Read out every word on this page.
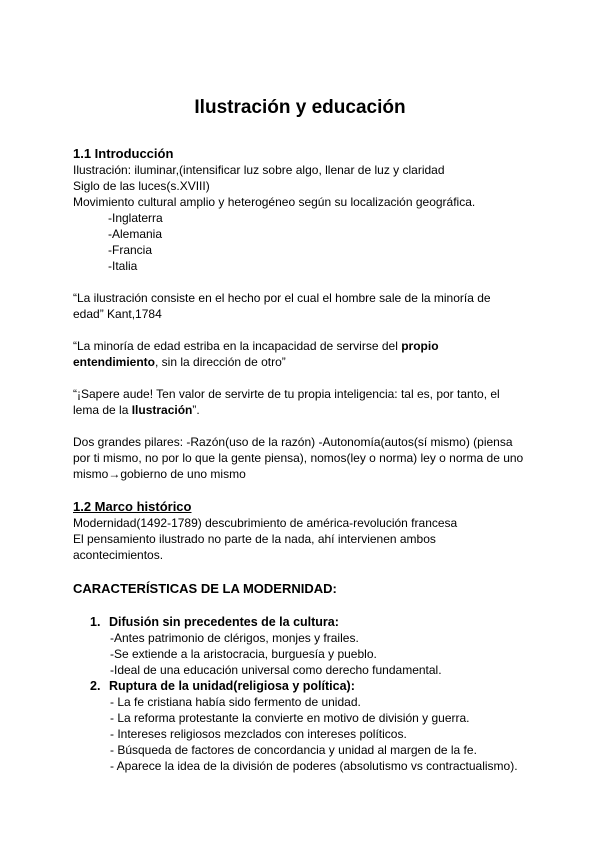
Ilustración y educación
1.1 Introducción
Ilustración: iluminar,(intensificar luz sobre algo, llenar de luz y claridad
Siglo de las luces(s.XVIII)
Movimiento cultural amplio y heterogéneo según su localización geográfica.
-Inglaterra
-Alemania
-Francia
-Italia
“La ilustración consiste en el hecho por el cual el hombre sale de la minoría de
edad” Kant,1784
“La minoría de edad estriba en la incapacidad de servirse del propio
entendimiento, sin la dirección de otro”
“¡Sapere aude! Ten valor de servirte de tu propia inteligencia: tal es, por tanto, el
lema de la Ilustración”.
Dos grandes pilares: -Razón(uso de la razón) -Autonomía(autos(sí mismo) (piensa
por ti mismo, no por lo que la gente piensa), nomos(ley o norma) ley o norma de uno
mismo→gobierno de uno mismo
1.2 Marco histórico
Modernidad(1492-1789) descubrimiento de américa-revolución francesa
El pensamiento ilustrado no parte de la nada, ahí intervienen ambos
acontecimientos.
CARACTERÍSTICAS DE LA MODERNIDAD:
1. Difusión sin precedentes de la cultura:
-Antes patrimonio de clérigos, monjes y frailes.
-Se extiende a la aristocracia, burguesía y pueblo.
-Ideal de una educación universal como derecho fundamental.
2. Ruptura de la unidad(religiosa y política):
- La fe cristiana había sido fermento de unidad.
- La reforma protestante la convierte en motivo de división y guerra.
- Intereses religiosos mezclados con intereses políticos.
- Búsqueda de factores de concordancia y unidad al margen de la fe.
- Aparece la idea de la división de poderes (absolutismo vs contractualismo).
